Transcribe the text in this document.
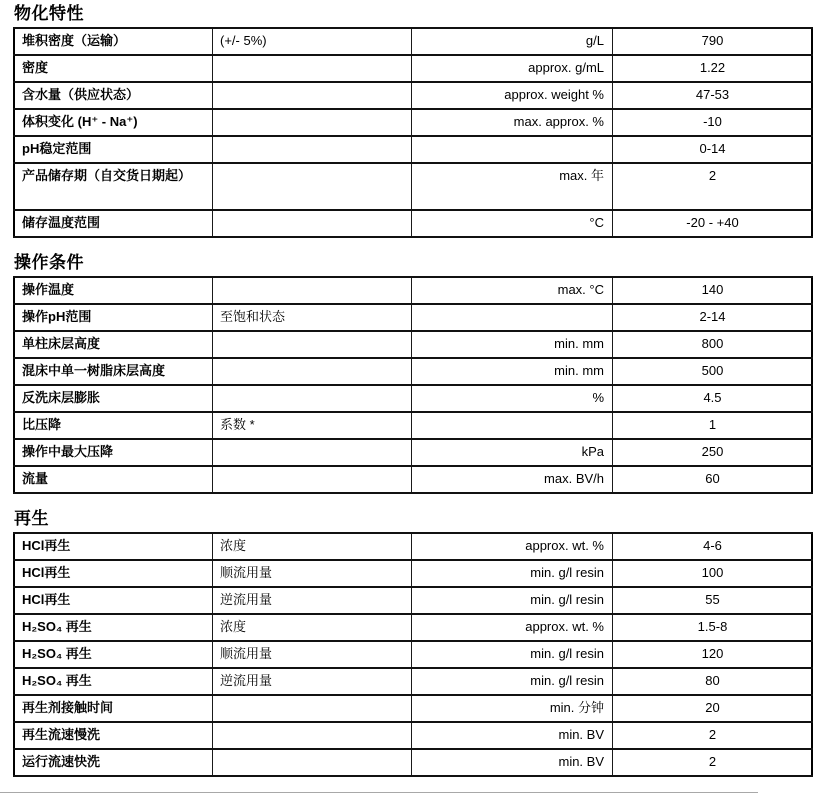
物化特性
堆积密度（运输）	(+/- 5%)	g/L	790
密度		approx. g/mL	1.22
含水量（供应状态）		approx. weight %	47-53
体积变化 (H⁺ - Na⁺)		max. approx. %	-10
pH稳定范围			0-14
产品储存期（自交货日期起）		max. 年	2
储存温度范围		°C	-20 - +40
操作条件
操作温度		max. °C	140
操作pH范围	至饱和状态		2-14
单柱床层高度		min. mm	800
混床中单一树脂床层高度		min. mm	500
反洗床层膨胀		%	4.5
比压降	系数 *		1
操作中最大压降		kPa	250
流量		max. BV/h	60
再生
HCl再生	浓度	approx. wt. %	4-6
HCl再生	顺流用量	min. g/l resin	100
HCl再生	逆流用量	min. g/l resin	55
H₂SO₄ 再生	浓度	approx. wt. %	1.5-8
H₂SO₄ 再生	顺流用量	min. g/l resin	120
H₂SO₄ 再生	逆流用量	min. g/l resin	80
再生剂接触时间		min. 分钟	20
再生流速慢洗		min. BV	2
运行流速快洗		min. BV	2
